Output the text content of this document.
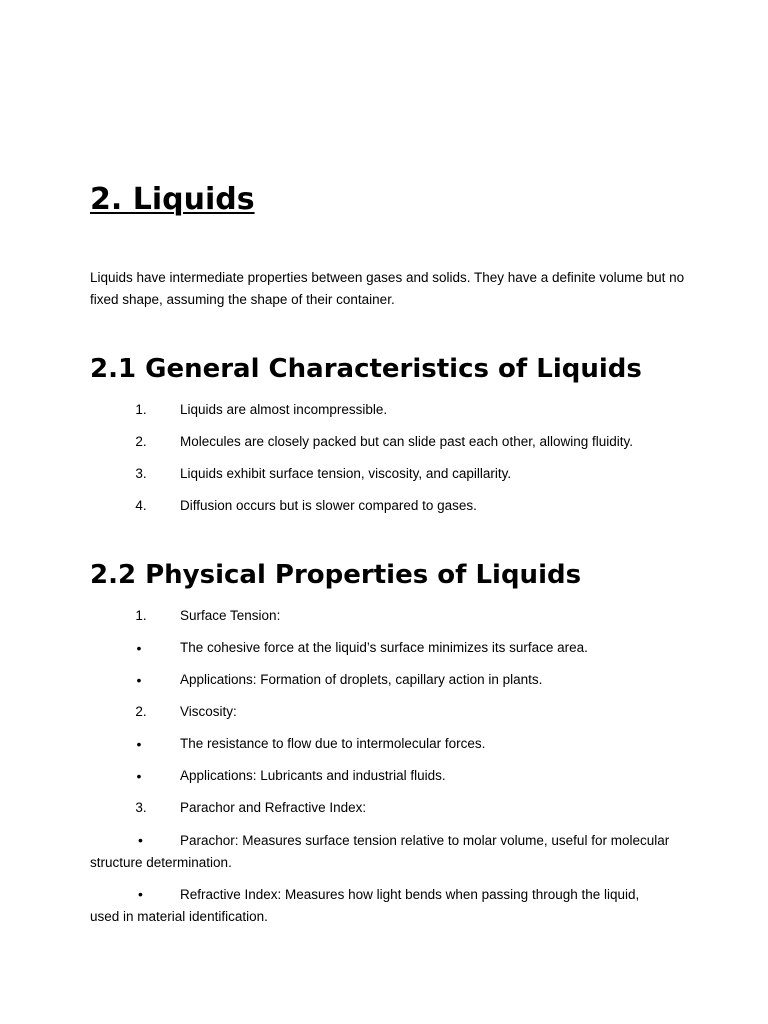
2. Liquids

Liquids have intermediate properties between gases and solids. They have a definite volume but no fixed shape, assuming the shape of their container.

2.1 General Characteristics of Liquids
1.	Liquids are almost incompressible.
2.	Molecules are closely packed but can slide past each other, allowing fluidity.
3.	Liquids exhibit surface tension, viscosity, and capillarity.
4.	Diffusion occurs but is slower compared to gases.
2.2 Physical Properties of Liquids
1.	Surface Tension:
•	The cohesive force at the liquid’s surface minimizes its surface area.
•	Applications: Formation of droplets, capillary action in plants.
2.	Viscosity:
•	The resistance to flow due to intermolecular forces.
•	Applications: Lubricants and industrial fluids.
3.	Parachor and Refractive Index:
•	Parachor: Measures surface tension relative to molar volume, useful for molecular structure determination.
•	Refractive Index: Measures how light bends when passing through the liquid, used in material identification.
